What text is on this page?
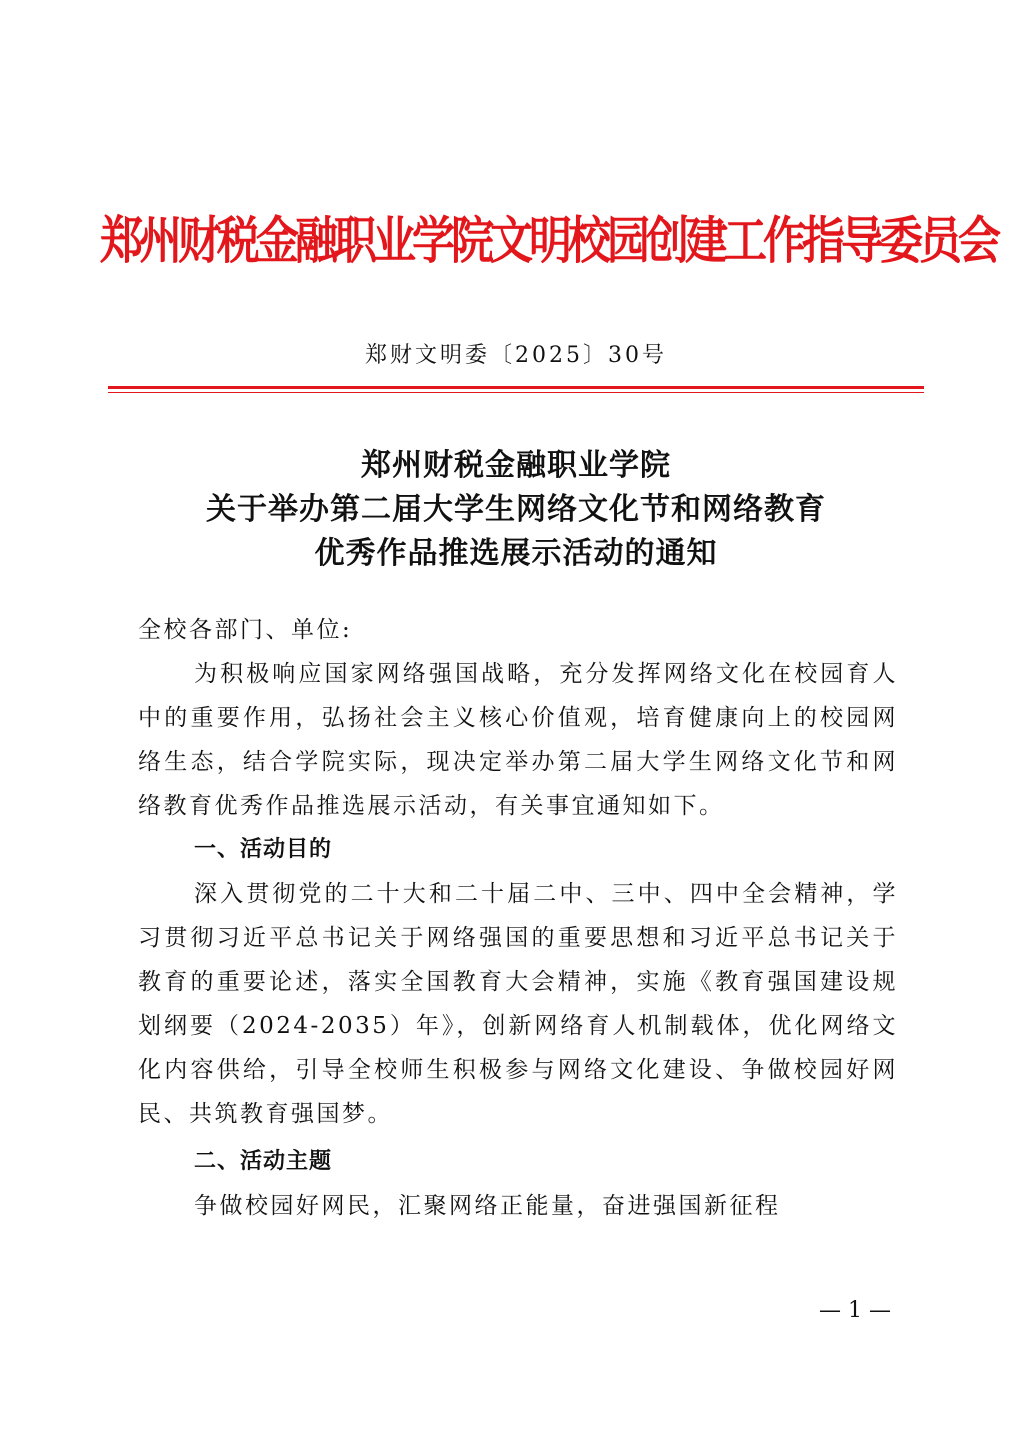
郑州财税金融职业学院文明校园创建工作指导委员会
郑财文明委〔2025〕30号
郑州财税金融职业学院
关于举办第二届大学生网络文化节和网络教育
优秀作品推选展示活动的通知

全校各部门、单位:

为积极响应国家网络强国战略，充分发挥网络文化在校园育人中的重要作用，弘扬社会主义核心价值观，培育健康向上的校园网络生态，结合学院实际，现决定举办第二届大学生网络文化节和网络教育优秀作品推选展示活动，有关事宜通知如下。

一、活动目的

深入贯彻党的二十大和二十届二中、三中、四中全会精神，学习贯彻习近平总书记关于网络强国的重要思想和习近平总书记关于教育的重要论述，落实全国教育大会精神，实施《教育强国建设规划纲要（2024-2035）年》，创新网络育人机制载体，优化网络文化内容供给，引导全校师生积极参与网络文化建设、争做校园好网民、共筑教育强国梦。

二、活动主题

争做校园好网民，汇聚网络正能量，奋进强国新征程

— 1 —
